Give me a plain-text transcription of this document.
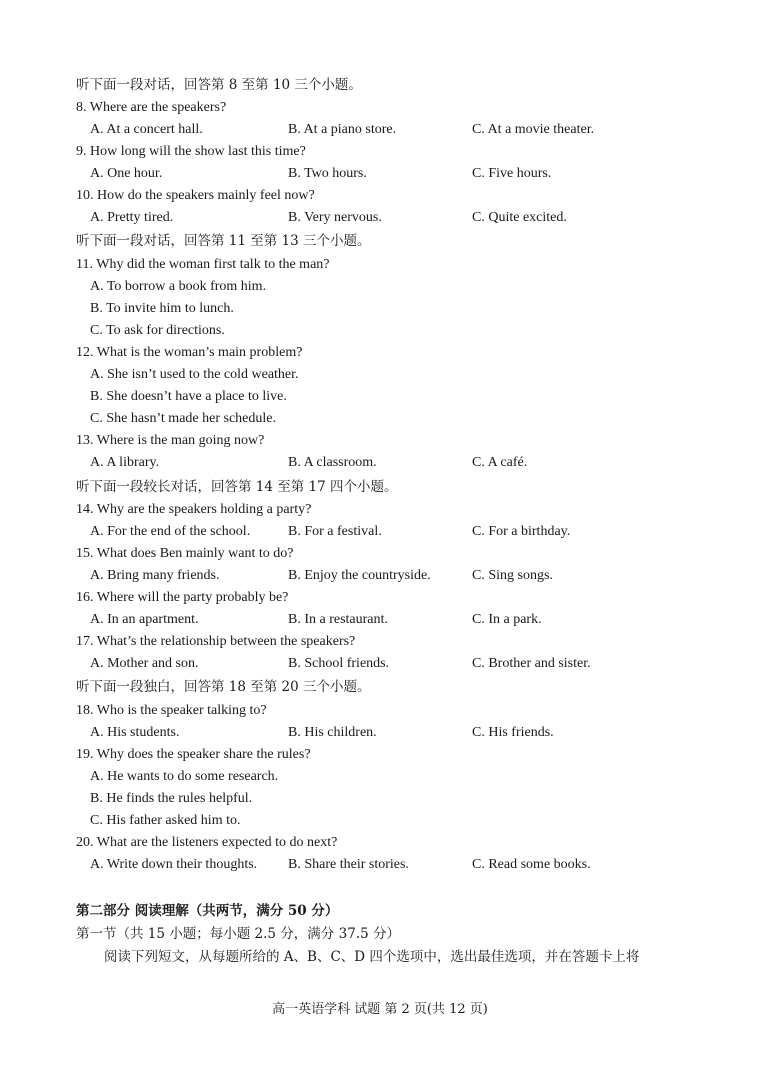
听下面一段对话，回答第 8 至第 10 三个小题。
8. Where are the speakers?
A. At a concert hall.	B. At a piano store.	C. At a movie theater.
9. How long will the show last this time?
A. One hour.	B. Two hours.	C. Five hours.
10. How do the speakers mainly feel now?
A. Pretty tired.	B. Very nervous.	C. Quite excited.
听下面一段对话，回答第 11 至第 13 三个小题。
11. Why did the woman first talk to the man?
A. To borrow a book from him.
B. To invite him to lunch.
C. To ask for directions.
12. What is the woman’s main problem?
A. She isn’t used to the cold weather.
B. She doesn’t have a place to live.
C. She hasn’t made her schedule.
13. Where is the man going now?
A. A library.	B. A classroom.	C. A café.
听下面一段较长对话，回答第 14 至第 17 四个小题。
14. Why are the speakers holding a party?
A. For the end of the school.	B. For a festival.	C. For a birthday.
15. What does Ben mainly want to do?
A. Bring many friends.	B. Enjoy the countryside.	C. Sing songs.
16. Where will the party probably be?
A. In an apartment.	B. In a restaurant.	C. In a park.
17. What’s the relationship between the speakers?
A. Mother and son.	B. School friends.	C. Brother and sister.
听下面一段独白，回答第 18 至第 20 三个小题。
18. Who is the speaker talking to?
A. His students.	B. His children.	C. His friends.
19. Why does the speaker share the rules?
A. He wants to do some research.
B. He finds the rules helpful.
C. His father asked him to.
20. What are the listeners expected to do next?
A. Write down their thoughts. B. Share their stories.	C. Read some books.
第二部分 阅读理解（共两节，满分 50 分）
第一节（共 15 小题；每小题 2.5 分，满分 37.5 分）
阅读下列短文，从每题所给的 A、B、C、D 四个选项中，选出最佳选项，并在答题卡上将
高一英语学科 试题 第 2 页(共 12 页)
